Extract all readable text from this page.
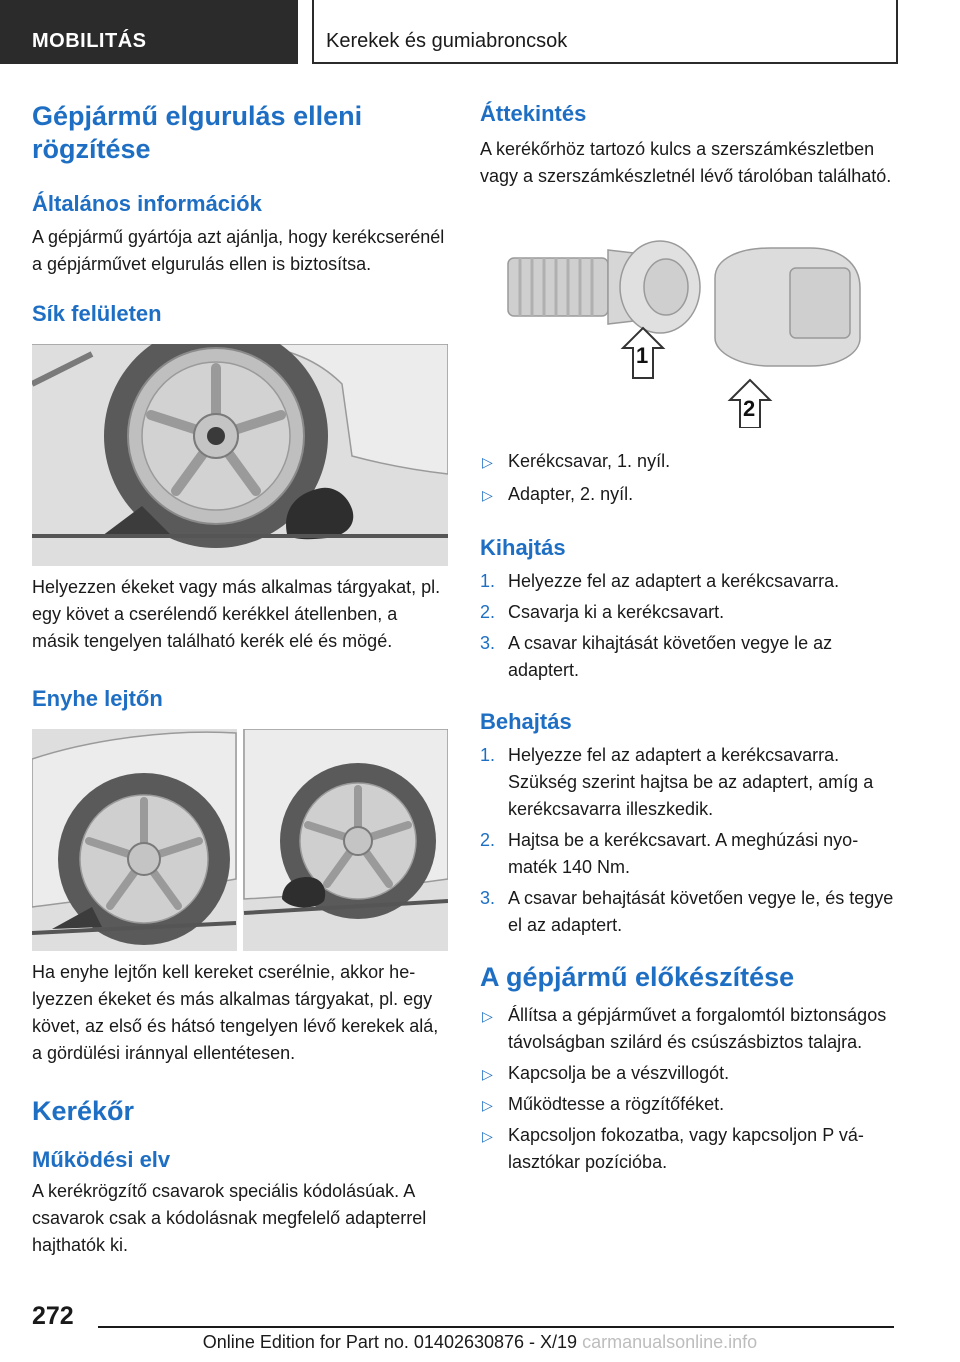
MOBILITÁS	Kerekek és gumiabroncsok
Gépjármű elgurulás elleni rögzítése
Általános információk

A gépjármű gyártója azt ajánlja, hogy kerékcserénél a gépjárművet elgurulás ellen is biztosítsa.

Sík felületen

Helyezzen ékeket vagy más alkalmas tárgyakat, pl. egy követ a cserélendő kerékkel átellenben, a másik tengelyen található kerék elé és mögé.

Enyhe lejtőn

Ha enyhe lejtőn kell kereket cserélnie, akkor helyezzen ékeket és más alkalmas tárgyakat, pl. egy követ, az első és hátsó tengelyen lévő kerekek alá, a gördülési iránnyal ellentétesen.

Kerékőr
Működési elv

A kerékrögzítő csavarok speciális kódolásúak. A csavarok csak a kódolásnak megfelelő adapterrel hajthatók ki.

Áttekintés

A kerékőrhöz tartozó kulcs a szerszámkészletben vagy a szerszámkészletnél lévő tárolóban található.

1
2
▷ Kerékcsavar, 1. nyíl.
▷ Adapter, 2. nyíl.
Kihajtás
1. Helyezze fel az adaptert a kerékcsavarra.
2. Csavarja ki a kerékcsavart.
3. A csavar kihajtását követően vegye le az adaptert.
Behajtás
1. Helyezze fel az adaptert a kerékcsavarra. Szükség szerint hajtsa be az adaptert, amíg a kerékcsavarra illeszkedik.
2. Hajtsa be a kerékcsavart. A meghúzási nyomaték 140 Nm.
3. A csavar behajtását követően vegye le, és tegye el az adaptert.
A gépjármű előkészítése
▷ Állítsa a gépjárművet a forgalomtól biztonságos távolságban szilárd és csúszásbiztos talajra.
▷ Kapcsolja be a vészvillogót.
▷ Működtesse a rögzítőféket.
▷ Kapcsoljon fokozatba, vagy kapcsoljon P választókar pozícióba.
272
Online Edition for Part no. 01402630876 - X/19 carmanualsonline.info
